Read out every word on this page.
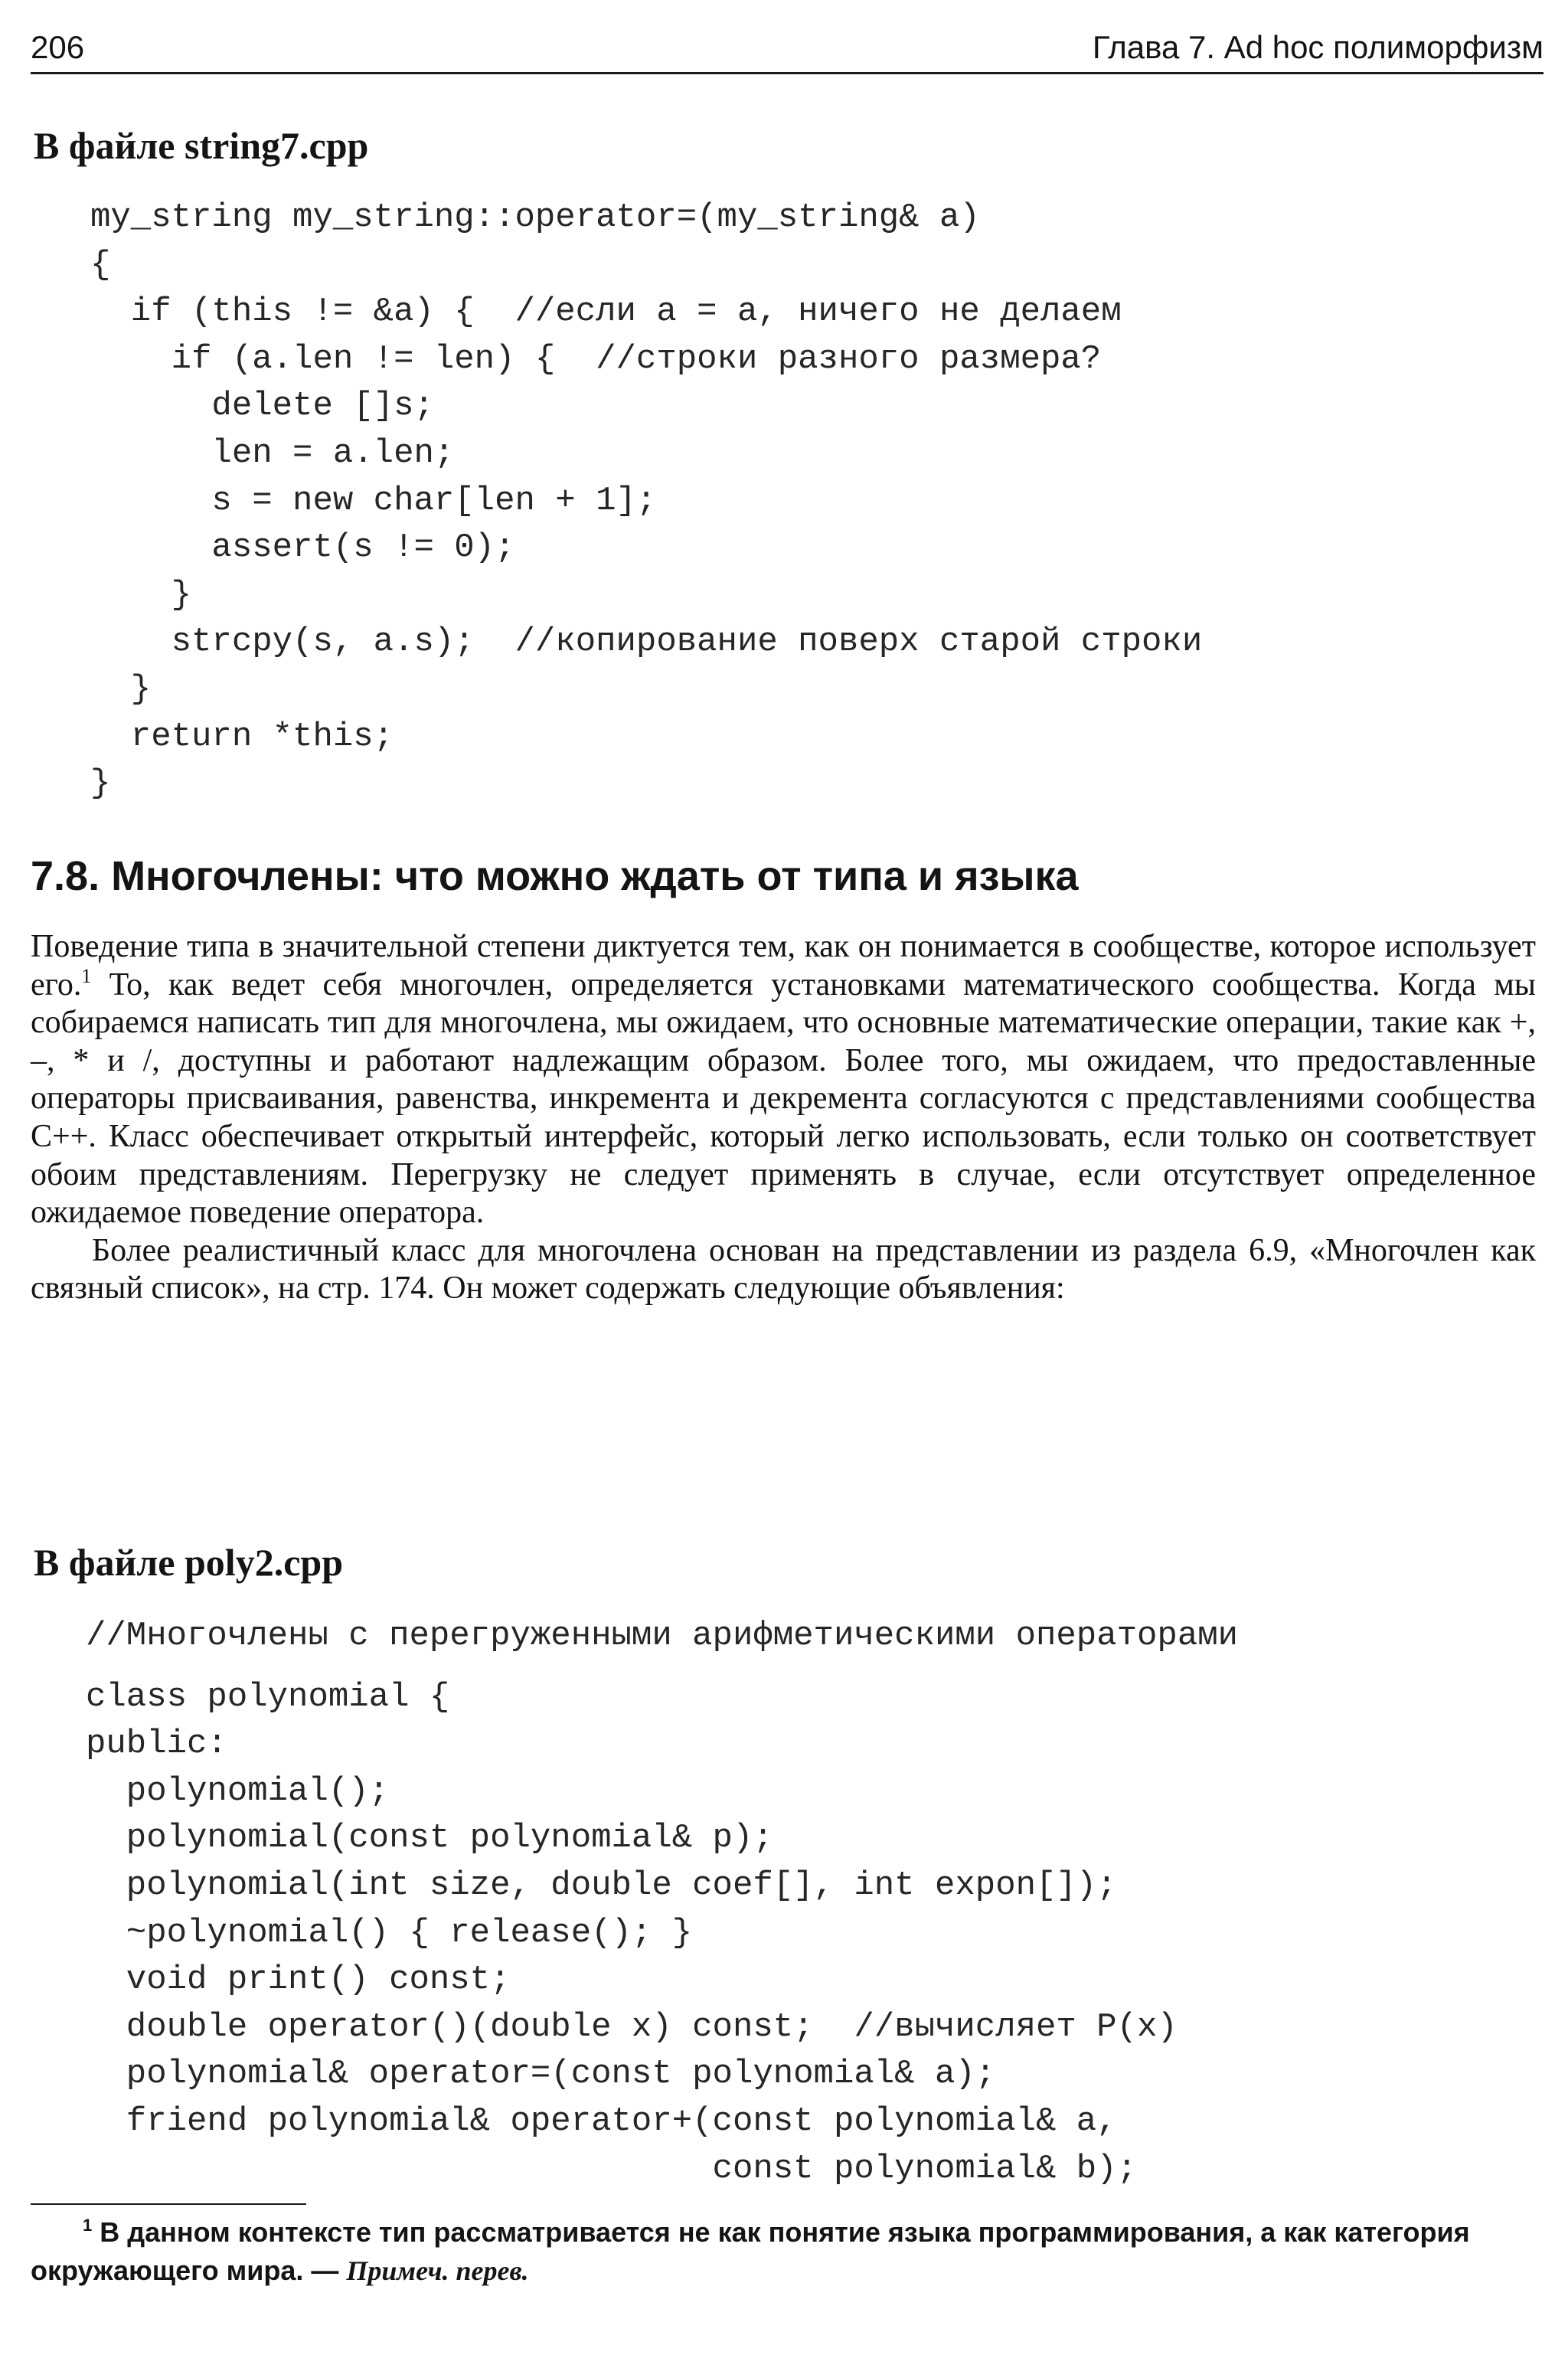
206	Глава 7. Ad hoc полиморфизм
В файле string7.cpp
my_string my_string::operator=(my_string& a)
{
if (this != &a) {  //если a = a, ничего не делаем
if (a.len != len) {  //строки разного размера?
delete []s;
len = a.len;
s = new char[len + 1];
assert(s != 0);
}
strcpy(s, a.s);  //копирование поверх старой строки
}
return *this;
}
7.8. Многочлены: что можно ждать от типа и языка

Поведение типа в значительной степени диктуется тем, как он понимается в сообществе, которое использует его.$^1$ То, как ведет себя многочлен, определяется установками математического сообщества. Когда мы собираемся написать тип для многочлена, мы ожидаем, что основные математические операции, такие как +, –, * и /, доступны и работают надлежащим образом. Более того, мы ожидаем, что предоставленные операторы присваивания, равенства, инкремента и декремента согласуются с представлениями сообщества C++. Класс обеспечивает открытый интерфейс, который легко использовать, если только он соответствует обоим представлениям. Перегрузку не следует применять в случае, если отсутствует определенное ожидаемое поведение оператора.

Более реалистичный класс для многочлена основан на представлении из раздела 6.9, «Многочлен как связный список», на стр. 174. Он может содержать следующие объявления:

В файле poly2.cpp
//Многочлены с перегруженными арифметическими операторами
class polynomial {
public:
polynomial();
polynomial(const polynomial& p);
polynomial(int size, double coef[], int expon[]);
~polynomial() { release(); }
void print() const;
double operator()(double x) const;  //вычисляет P(x)
polynomial& operator=(const polynomial& a);
friend polynomial& operator+(const polynomial& a,
const polynomial& b);

$^1$ В данном контексте тип рассматривается не как понятие языка программирования, а как категория окружающего мира. — Примеч. перев.
